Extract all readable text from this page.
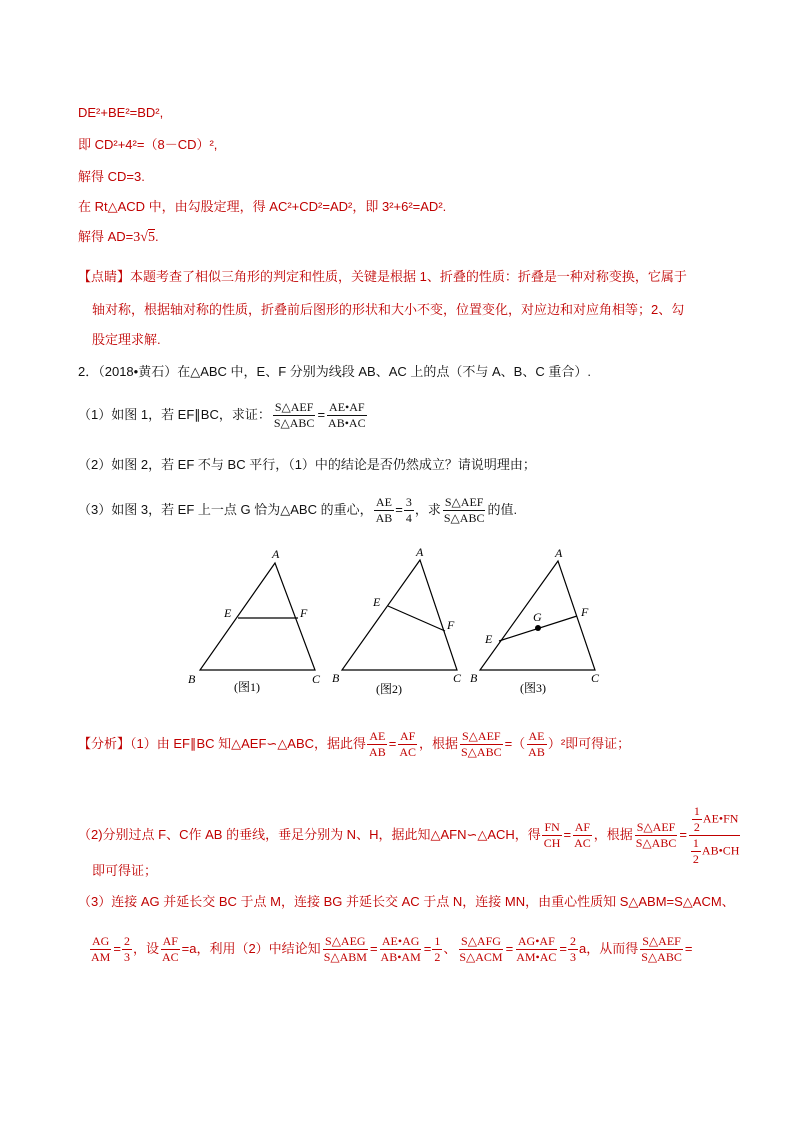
DE²+BE²=BD²,
即 CD²+4²=（8－CD）²,
解得 CD=3.
在 Rt△ACD 中，由勾股定理，得 AC²+CD²=AD²，即 3²+6²=AD².
解得 AD=3√5.
【点睛】本题考查了相似三角形的判定和性质，关键是根据 1、折叠的性质：折叠是一种对称变换，它属于
轴对称，根据轴对称的性质，折叠前后图形的形状和大小不变，位置变化，对应边和对应角相等；2、勾
股定理求解.
2．（2018•黄石）在△ABC 中，E、F 分别为线段 AB、AC 上的点（不与 A、B、C 重合）.
（1）如图 1，若 EF∥BC，求证： $\frac{\text{S△AEF}}{\text{S△ABC}} = \frac{AE•AF}{AB•AC}$
（2）如图 2，若 EF 不与 BC 平行，（1）中的结论是否仍然成立？请说明理由；
（3）如图 3，若 EF 上一点 G 恰为△ABC 的重心， $\frac{AE}{AB} = \frac{3}{4}$ ，求 $\frac{\text{S△AEF}}{\text{S△ABC}}$ 的值.
A
B	C
E	F
(图1)
A
B	C
E
F
(图2)
A
B	C
E
F
G
(图3)
【分析】（1）由 EF∥BC 知△AEF∽△ABC，据此得 $\frac{AE}{AB} = \frac{AF}{AC}$ ，根据 $\frac{\text{S△AEF}}{\text{S△ABC}}$ =（ $\frac{AE}{AB} )^2$即可得证；
（2)分别过点 F、C作 AB 的垂线，垂足分别为 N、H，据此知△AFN∽△ACH，得 $\frac{FN}{CH} = \frac{AF}{AC}$ ，根据 $\frac{\text{S△AEF}}{\text{S△ABC}} = \frac{\frac{1}{2} AE•FN}{\frac{1}{2} AB•CH}$
即可得证；
（3）连接 AG 并延长交 BC 于点 M，连接 BG 并延长交 AC 于点 N，连接 MN，由重心性质知 S△ABM=S△ACM、
$\frac{AG}{AM} = \frac{2}{3}$ ，设 $\frac{AF}{AC} =a$，利用（2）中结论知 $\frac{\text{S△AEG}}{\text{S△ABM}} = \frac{AE•AG}{AB•AM} = \frac{1}{2}$ 、 $\frac{\text{S△AFG}}{\text{S△ACM}} = \frac{AG•AF}{AM•AC} = \frac{2}{3}$ a，从而得 $\frac{\text{S△AEF}}{\text{S△ABC}}$ =
